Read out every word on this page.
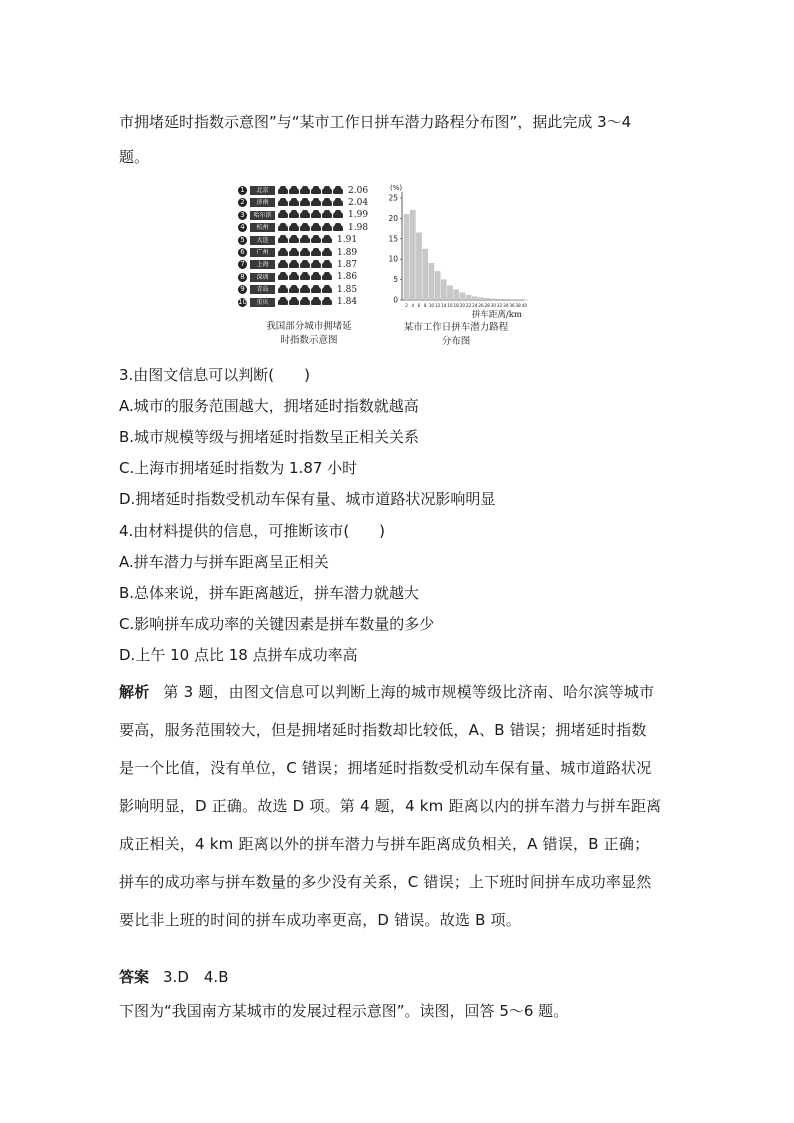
市拥堵延时指数示意图”与“某市工作日拼车潜力路程分布图”，据此完成 3～4
题。
1	北京	2.06
2	济南	2.04
3	哈尔滨	1.99
4	杭州	1.98
5	大连	1.91
6	广州	1.89
7	上海	1.87
8	深圳	1.86
9	青岛	1.85
10	重庆	1.84
我国部分城市拥堵延
时指数示意图
(%)
0
5
10
15
20
25
2 4 6 8 10 12 14 16 18 20 22 24 26 28 30 32 34 36 38 40
拼车距离/km
某市工作日拼车潜力路程
分布图
3.由图文信息可以判断(　　)
A.城市的服务范围越大，拥堵延时指数就越高
B.城市规模等级与拥堵延时指数呈正相关关系
C.上海市拥堵延时指数为 1.87 小时
D.拥堵延时指数受机动车保有量、城市道路状况影响明显
4.由材料提供的信息，可推断该市(　　)
A.拼车潜力与拼车距离呈正相关
B.总体来说，拼车距离越近，拼车潜力就越大
C.影响拼车成功率的关键因素是拼车数量的多少
D.上午 10 点比 18 点拼车成功率高
解析 第 3 题，由图文信息可以判断上海的城市规模等级比济南、哈尔滨等城市
要高，服务范围较大，但是拥堵延时指数却比较低，A、B 错误；拥堵延时指数
是一个比值，没有单位，C 错误；拥堵延时指数受机动车保有量、城市道路状况
影响明显，D 正确。故选 D 项。第 4 题，4 km 距离以内的拼车潜力与拼车距离
成正相关，4 km 距离以外的拼车潜力与拼车距离成负相关，A 错误，B 正确；
拼车的成功率与拼车数量的多少没有关系，C 错误；上下班时间拼车成功率显然
要比非上班的时间的拼车成功率更高，D 错误。故选 B 项。
答案 3.D　4.B
下图为“我国南方某城市的发展过程示意图”。读图，回答 5～6 题。
